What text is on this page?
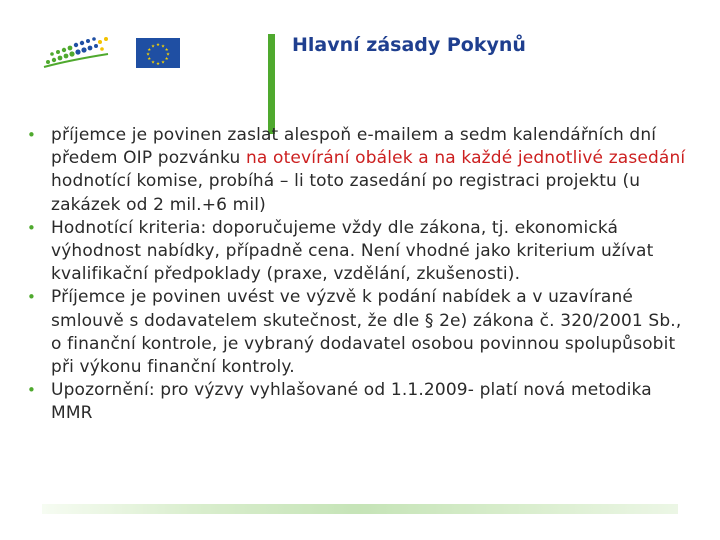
★ ★
★
★
★
★
★
★
★
★
★
★	Hlavní zásady Pokynů
• příjemce je povinen zaslat alespoň e-mailem a sedm kalendářních dní předem OIP pozvánku na otevírání obálek a na každé jednotlivé zasedání hodnotící komise, probíhá – li toto zasedání po registraci projektu (u zakázek od 2 mil.+6 mil)
• Hodnotící kriteria: doporučujeme vždy dle zákona, tj. ekonomická výhodnost nabídky, případně cena. Není vhodné jako kriterium užívat kvalifikační předpoklady (praxe, vzdělání, zkušenosti).
• Příjemce je povinen uvést ve výzvě k podání nabídek a v uzavírané smlouvě s dodavatelem skutečnost, že dle § 2e) zákona č. 320/2001 Sb., o finanční kontrole, je vybraný dodavatel osobou povinnou spolupůsobit při výkonu finanční kontroly.
• Upozornění: pro výzvy vyhlašované od 1.1.2009- platí nová metodika MMR
